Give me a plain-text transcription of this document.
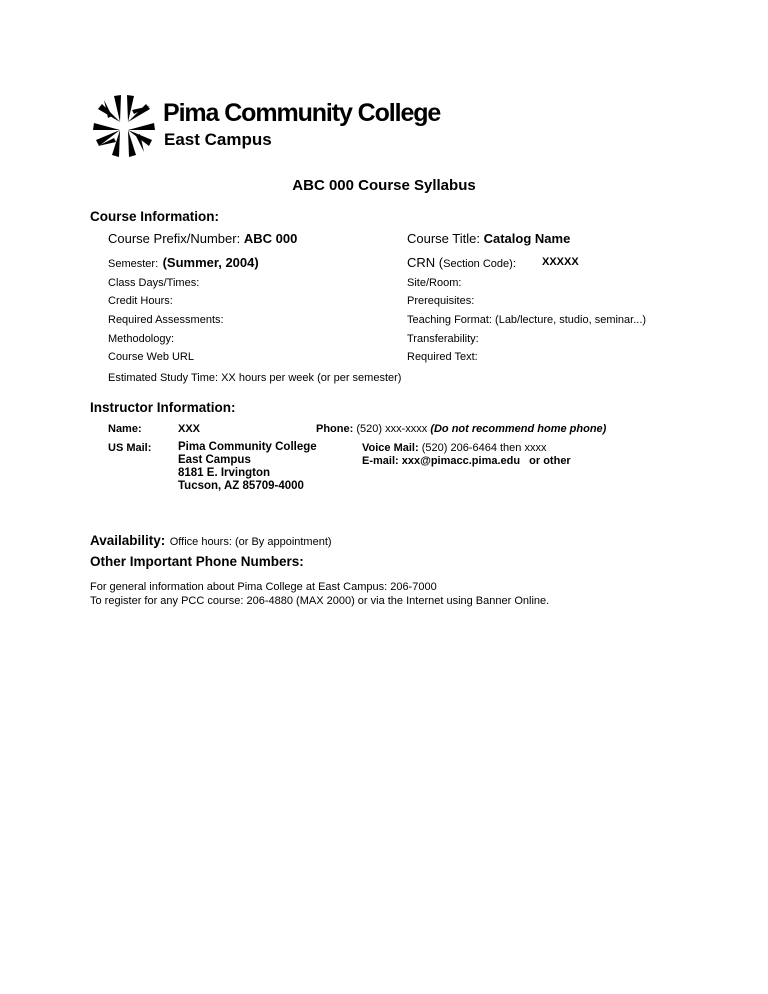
Pima Community College
East Campus
ABC 000 Course Syllabus
Course Information:
Course Prefix/Number: ABC 000	Course Title: Catalog Name
Semester: (Summer, 2004)	CRN (Section Code): XXXXX
Class Days/Times:	Site/Room:
Credit Hours:	Prerequisites:
Required Assessments:	Teaching Format: (Lab/lecture, studio, seminar...)
Methodology:	Transferability:
Course Web URL	Required Text:
Estimated Study Time: XX hours per week (or per semester)
Instructor Information:
Name:	XXX	Phone: (520) xxx-xxxx (Do not recommend home phone)
US Mail: Pima Community College
East Campus
8181 E. Irvington
Tucson, AZ 85709-4000
Voice Mail: (520) 206-6464 then xxxx
E-mail: xxx@pimacc.pima.edu or other
Availability: Office hours: (or By appointment)
Other Important Phone Numbers:
For general information about Pima College at East Campus: 206-7000
To register for any PCC course: 206-4880 (MAX 2000) or via the Internet using Banner Online.
